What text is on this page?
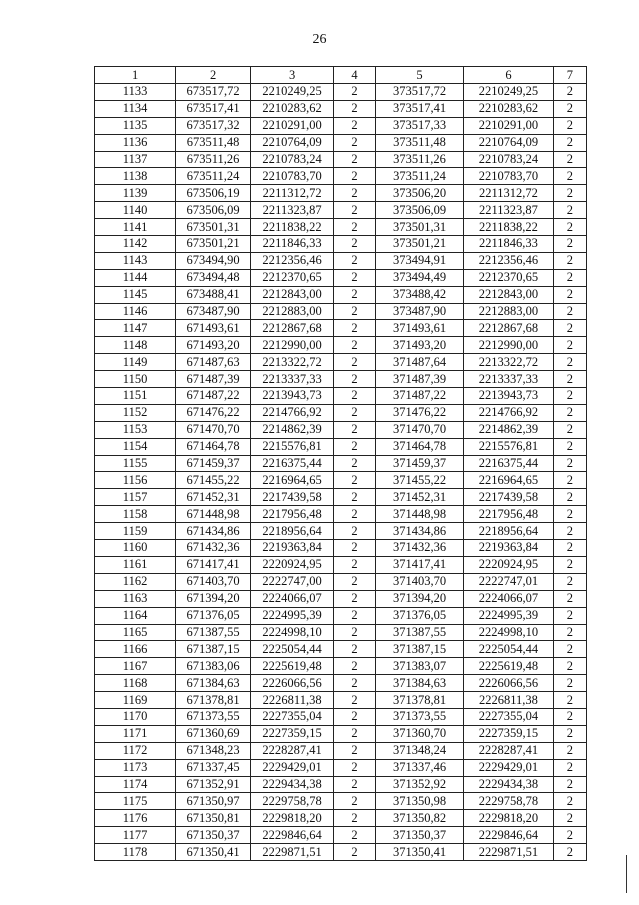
26
1	2	3	4	5	6	7
1133	673517,72	2210249,25	2	373517,72	2210249,25	2
1134	673517,41	2210283,62	2	373517,41	2210283,62	2
1135	673517,32	2210291,00	2	373517,33	2210291,00	2
1136	673511,48	2210764,09	2	373511,48	2210764,09	2
1137	673511,26	2210783,24	2	373511,26	2210783,24	2
1138	673511,24	2210783,70	2	373511,24	2210783,70	2
1139	673506,19	2211312,72	2	373506,20	2211312,72	2
1140	673506,09	2211323,87	2	373506,09	2211323,87	2
1141	673501,31	2211838,22	2	373501,31	2211838,22	2
1142	673501,21	2211846,33	2	373501,21	2211846,33	2
1143	673494,90	2212356,46	2	373494,91	2212356,46	2
1144	673494,48	2212370,65	2	373494,49	2212370,65	2
1145	673488,41	2212843,00	2	373488,42	2212843,00	2
1146	673487,90	2212883,00	2	373487,90	2212883,00	2
1147	671493,61	2212867,68	2	371493,61	2212867,68	2
1148	671493,20	2212990,00	2	371493,20	2212990,00	2
1149	671487,63	2213322,72	2	371487,64	2213322,72	2
1150	671487,39	2213337,33	2	371487,39	2213337,33	2
1151	671487,22	2213943,73	2	371487,22	2213943,73	2
1152	671476,22	2214766,92	2	371476,22	2214766,92	2
1153	671470,70	2214862,39	2	371470,70	2214862,39	2
1154	671464,78	2215576,81	2	371464,78	2215576,81	2
1155	671459,37	2216375,44	2	371459,37	2216375,44	2
1156	671455,22	2216964,65	2	371455,22	2216964,65	2
1157	671452,31	2217439,58	2	371452,31	2217439,58	2
1158	671448,98	2217956,48	2	371448,98	2217956,48	2
1159	671434,86	2218956,64	2	371434,86	2218956,64	2
1160	671432,36	2219363,84	2	371432,36	2219363,84	2
1161	671417,41	2220924,95	2	371417,41	2220924,95	2
1162	671403,70	2222747,00	2	371403,70	2222747,01	2
1163	671394,20	2224066,07	2	371394,20	2224066,07	2
1164	671376,05	2224995,39	2	371376,05	2224995,39	2
1165	671387,55	2224998,10	2	371387,55	2224998,10	2
1166	671387,15	2225054,44	2	371387,15	2225054,44	2
1167	671383,06	2225619,48	2	371383,07	2225619,48	2
1168	671384,63	2226066,56	2	371384,63	2226066,56	2
1169	671378,81	2226811,38	2	371378,81	2226811,38	2
1170	671373,55	2227355,04	2	371373,55	2227355,04	2
1171	671360,69	2227359,15	2	371360,70	2227359,15	2
1172	671348,23	2228287,41	2	371348,24	2228287,41	2
1173	671337,45	2229429,01	2	371337,46	2229429,01	2
1174	671352,91	2229434,38	2	371352,92	2229434,38	2
1175	671350,97	2229758,78	2	371350,98	2229758,78	2
1176	671350,81	2229818,20	2	371350,82	2229818,20	2
1177	671350,37	2229846,64	2	371350,37	2229846,64	2
1178	671350,41	2229871,51	2	371350,41	2229871,51	2
